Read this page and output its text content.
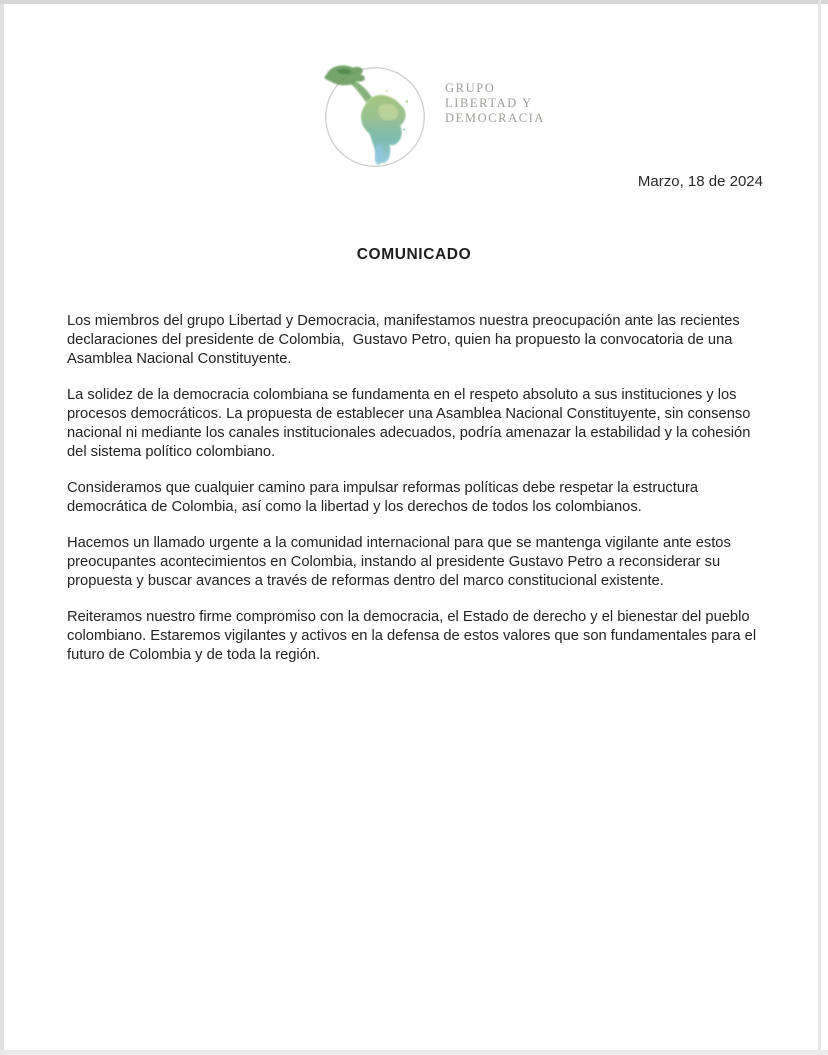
GRUPO
LIBERTAD Y
DEMOCRACIA
Marzo, 18 de 2024
COMUNICADO

Los miembros del grupo Libertad y Democracia, manifestamos nuestra preocupación ante las recientes declaraciones del presidente de Colombia,  Gustavo Petro, quien ha propuesto la convocatoria de una Asamblea Nacional Constituyente.

La solidez de la democracia colombiana se fundamenta en el respeto absoluto a sus instituciones y los procesos democráticos. La propuesta de establecer una Asamblea Nacional Constituyente, sin consenso nacional ni mediante los canales institucionales adecuados, podría amenazar la estabilidad y la cohesión del sistema político colombiano.

Consideramos que cualquier camino para impulsar reformas políticas debe respetar la estructura democrática de Colombia, así como la libertad y los derechos de todos los colombianos.

Hacemos un llamado urgente a la comunidad internacional para que se mantenga vigilante ante estos preocupantes acontecimientos en Colombia, instando al presidente Gustavo Petro a reconsiderar su propuesta y buscar avances a través de reformas dentro del marco constitucional existente.

Reiteramos nuestro firme compromiso con la democracia, el Estado de derecho y el bienestar del pueblo colombiano. Estaremos vigilantes y activos en la defensa de estos valores que son fundamentales para el futuro de Colombia y de toda la región.
